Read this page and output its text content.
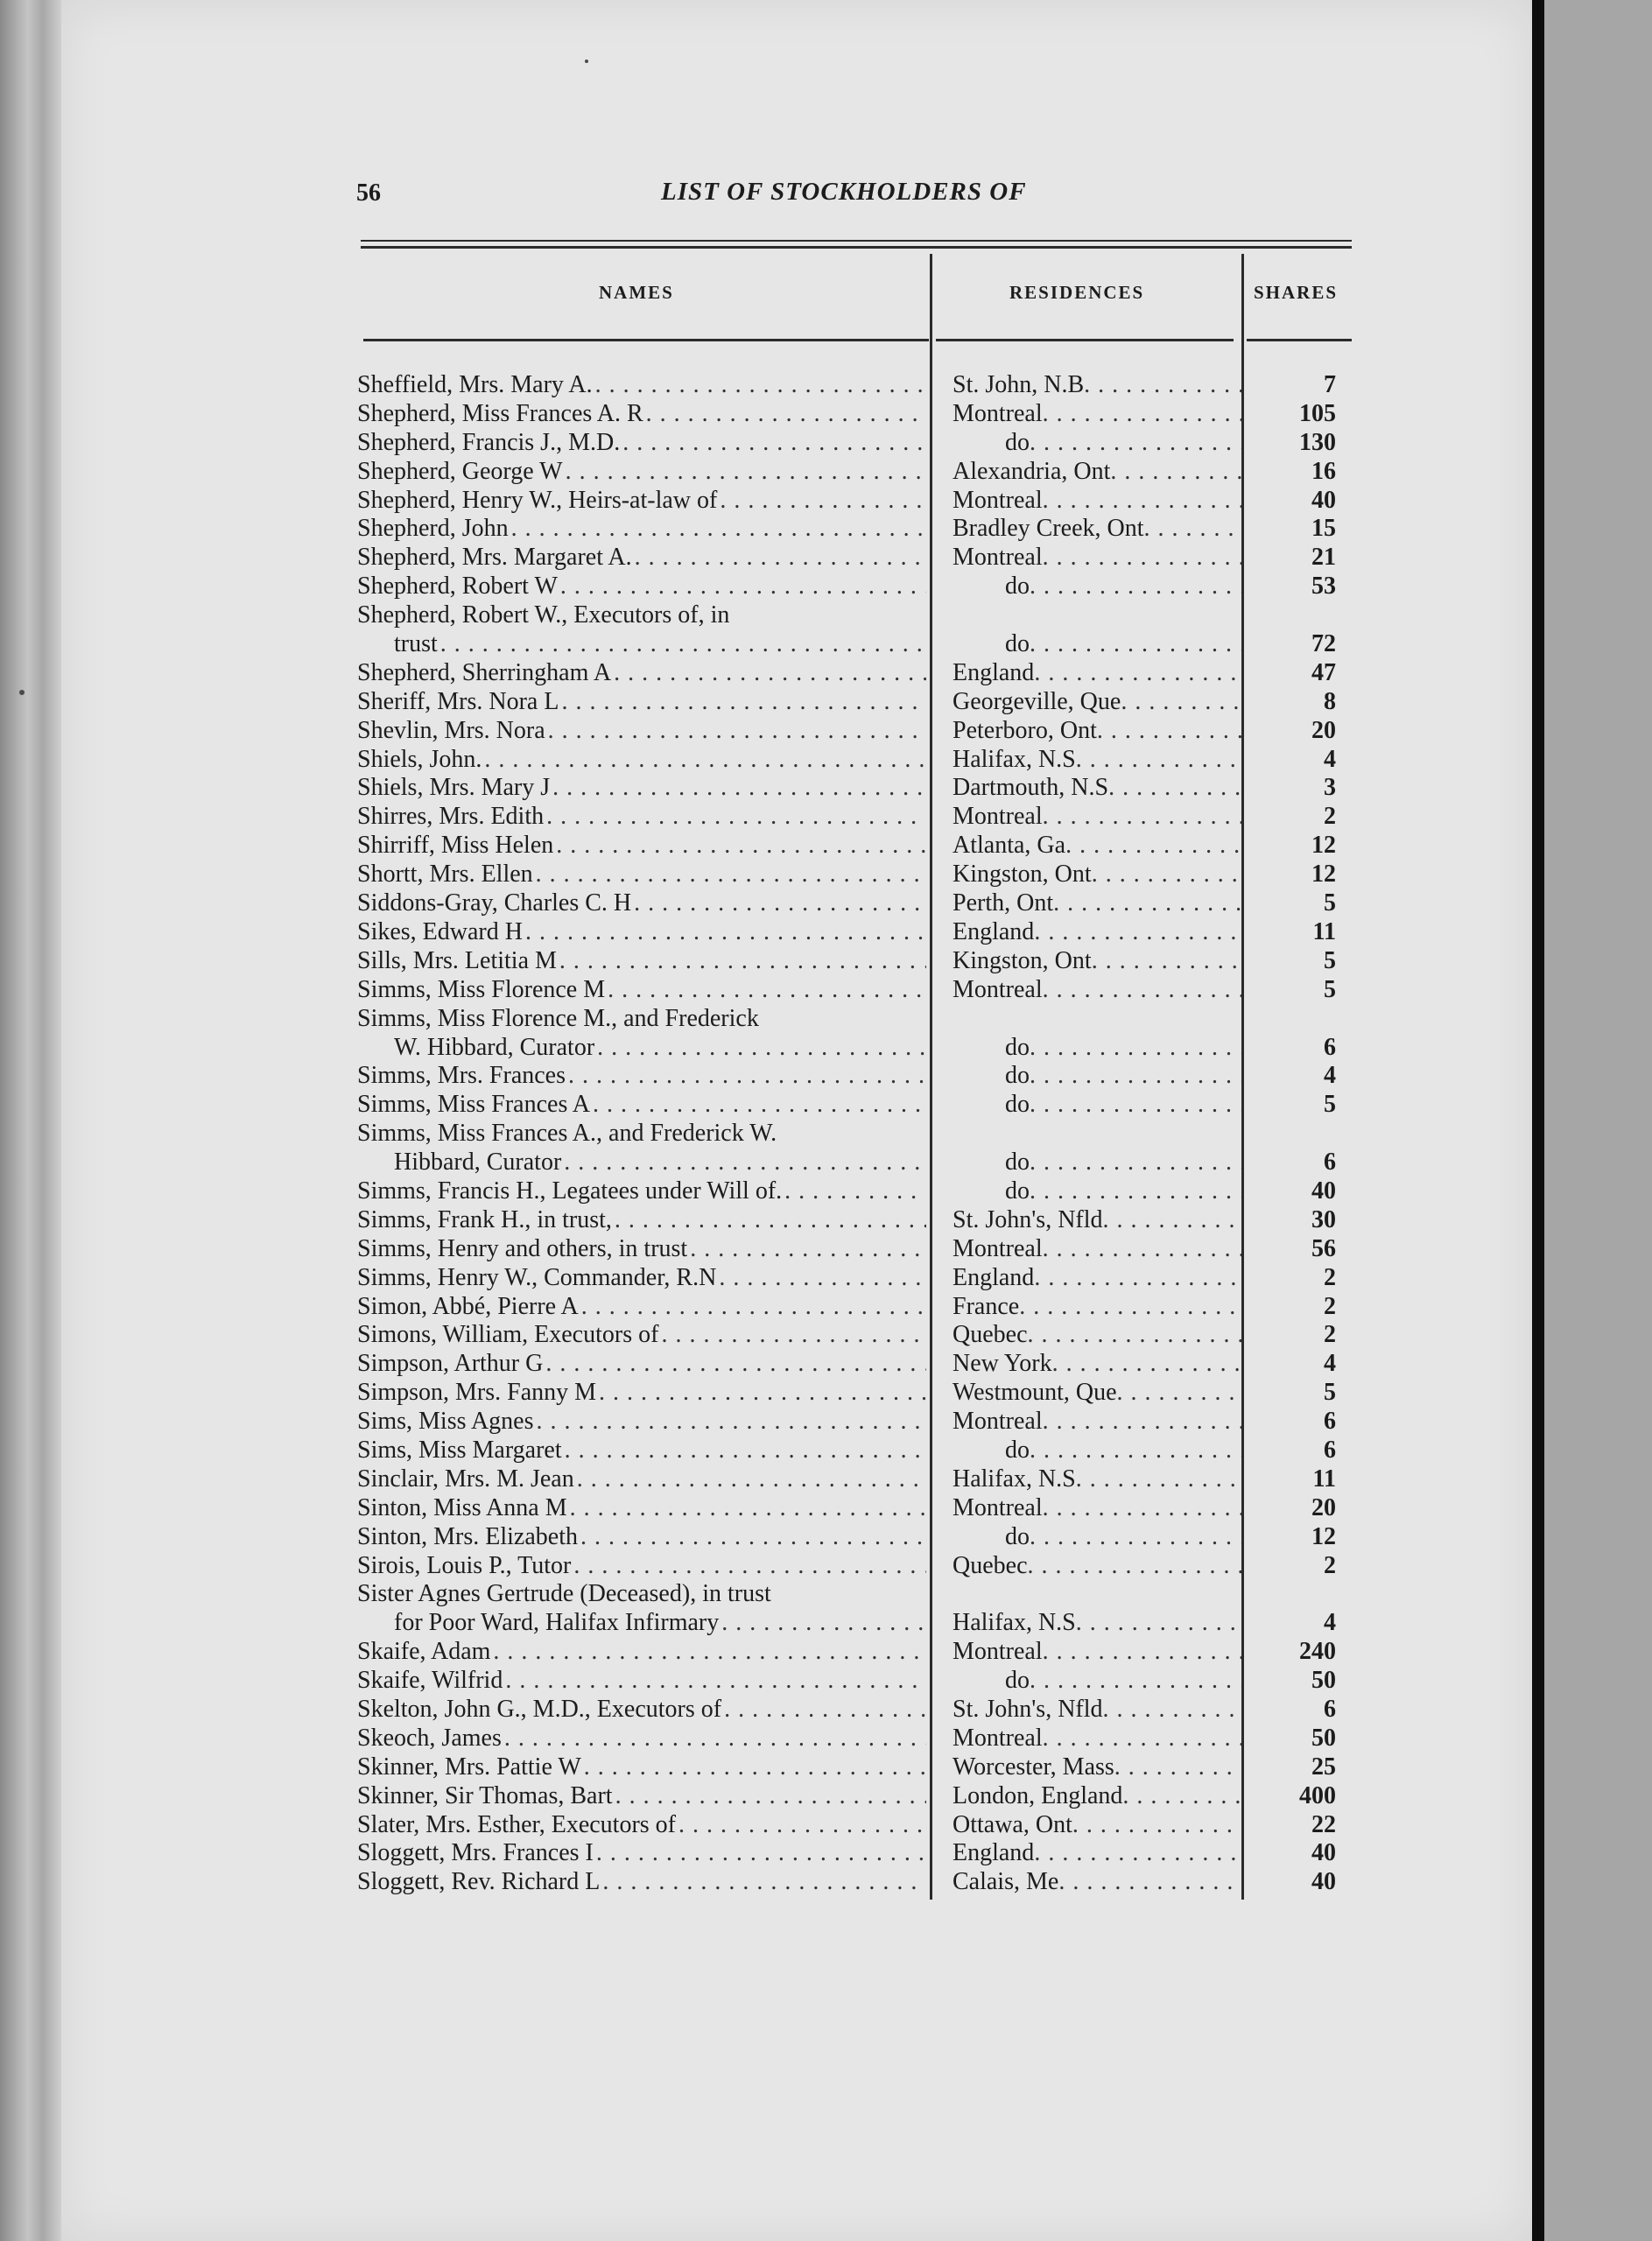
56	LIST OF STOCKHOLDERS OF
NAMES	RESIDENCES	SHARES
Sheffield, Mrs. Mary A. . . .	St. John, N.B . . .	7
Shepherd, Miss Frances A. R . . .	Montreal . . .	105
Shepherd, Francis J., M.D. . . .	do . . .	130
Shepherd, George W . . .	Alexandria, Ont . . .	16
Shepherd, Henry W., Heirs-at-law of . . .	Montreal . . .	40
Shepherd, John . . .	Bradley Creek, Ont . . .	15
Shepherd, Mrs. Margaret A. . . .	Montreal . . .	21
Shepherd, Robert W . . .	do . . .	53
Shepherd, Robert W., Executors of, in
trust . . .	do . . .	72
Shepherd, Sherringham A . . .	England . . .	47
Sheriff, Mrs. Nora L . . .	Georgeville, Que . . .	8
Shevlin, Mrs. Nora . . .	Peterboro, Ont . . .	20
Shiels, John. . . .	Halifax, N.S . . .	4
Shiels, Mrs. Mary J . . .	Dartmouth, N.S . . .	3
Shirres, Mrs. Edith . . .	Montreal . . .	2
Shirriff, Miss Helen . . .	Atlanta, Ga . . .	12
Shortt, Mrs. Ellen . . .	Kingston, Ont . . .	12
Siddons-Gray, Charles C. H . . .	Perth, Ont . . .	5
Sikes, Edward H . . .	England . . .	11
Sills, Mrs. Letitia M . . .	Kingston, Ont . . .	5
Simms, Miss Florence M . . .	Montreal . . .	5
Simms, Miss Florence M., and Frederick
W. Hibbard, Curator . . .	do . . .	6
Simms, Mrs. Frances . . .	do . . .	4
Simms, Miss Frances A . . .	do . . .	5
Simms, Miss Frances A., and Frederick W.
Hibbard, Curator . . .	do . . .	6
Simms, Francis H., Legatees under Will of. . . .	do . . .	40
Simms, Frank H., in trust, . . .	St. John's, Nfld . . .	30
Simms, Henry and others, in trust . . .	Montreal . . .	56
Simms, Henry W., Commander, R.N . . .	England . . .	2
Simon, Abbé, Pierre A . . .	France . . .	2
Simons, William, Executors of . . .	Quebec . . .	2
Simpson, Arthur G . . .	New York . . .	4
Simpson, Mrs. Fanny M . . .	Westmount, Que . . .	5
Sims, Miss Agnes . . .	Montreal . . .	6
Sims, Miss Margaret . . .	do . . .	6
Sinclair, Mrs. M. Jean . . .	Halifax, N.S . . .	11
Sinton, Miss Anna M . . .	Montreal . . .	20
Sinton, Mrs. Elizabeth . . .	do . . .	12
Sirois, Louis P., Tutor . . .	Quebec . . .	2
Sister Agnes Gertrude (Deceased), in trust
for Poor Ward, Halifax Infirmary . . .	Halifax, N.S . . .	4
Skaife, Adam . . .	Montreal . . .	240
Skaife, Wilfrid . . .	do . . .	50
Skelton, John G., M.D., Executors of . . .	St. John's, Nfld . . .	6
Skeoch, James . . .	Montreal . . .	50
Skinner, Mrs. Pattie W . . .	Worcester, Mass . . .	25
Skinner, Sir Thomas, Bart . . .	London, England . . .	400
Slater, Mrs. Esther, Executors of . . .	Ottawa, Ont . . .	22
Sloggett, Mrs. Frances I . . .	England . . .	40
Sloggett, Rev. Richard L . . .	Calais, Me . . .	40
